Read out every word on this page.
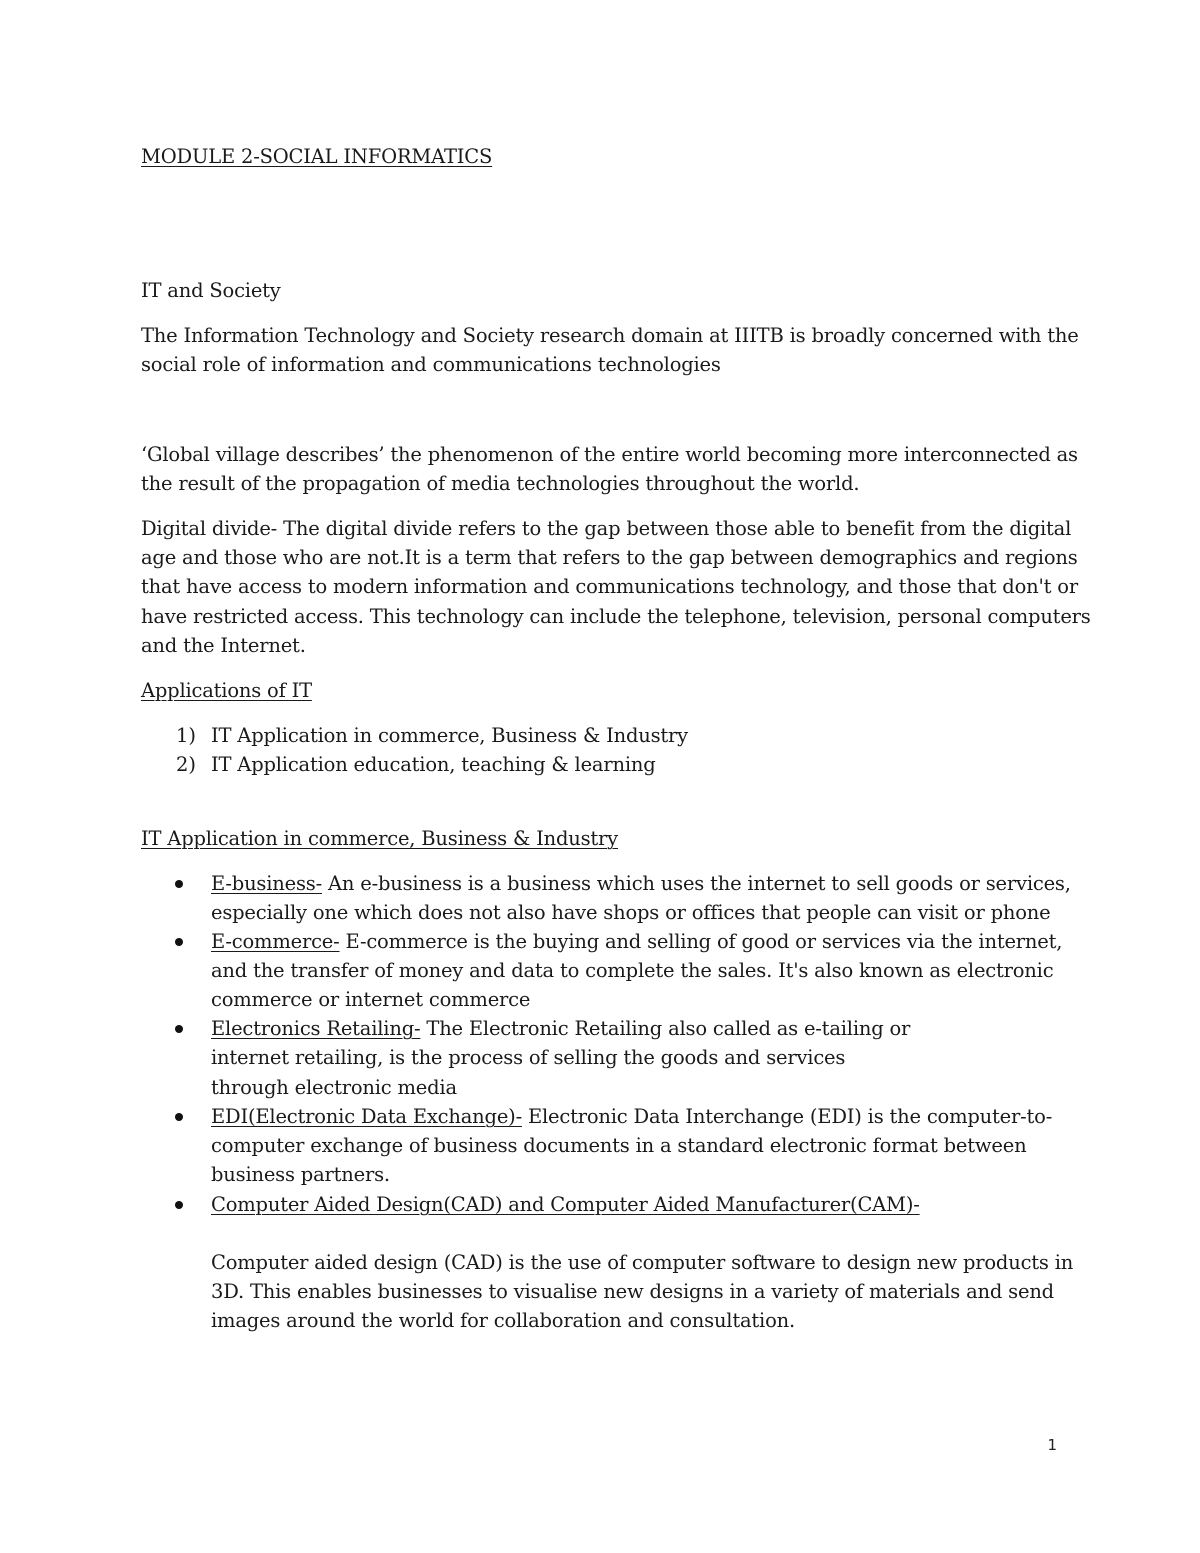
MODULE 2-SOCIAL INFORMATICS
IT and Society
The Information Technology and Society research domain at IIITB is broadly concerned with the
social role of information and communications technologies
‘Global village describes’ the phenomenon of the entire world becoming more interconnected as
the result of the propagation of media technologies throughout the world.
Digital divide- The digital divide refers to the gap between those able to benefit from the digital
age and those who are not.It is a term that refers to the gap between demographics and regions
that have access to modern information and communications technology, and those that don't or
have restricted access. This technology can include the telephone, television, personal computers
and the Internet.
Applications of IT
1) IT Application in commerce, Business & Industry
2) IT Application education, teaching & learning
IT Application in commerce, Business & Industry
E-business- An e-business is a business which uses the internet to sell goods or services,
especially one which does not also have shops or offices that people can visit or phone
E-commerce- E-commerce is the buying and selling of good or services via the internet,
and the transfer of money and data to complete the sales. It's also known as electronic
commerce or internet commerce
Electronics Retailing- The Electronic Retailing also called as e-tailing or
internet retailing, is the process of selling the goods and services
through electronic media
EDI(Electronic Data Exchange)- Electronic Data Interchange (EDI) is the computer-to-
computer exchange of business documents in a standard electronic format between
business partners.
Computer Aided Design(CAD) and Computer Aided Manufacturer(CAM)-
Computer aided design (CAD) is the use of computer software to design new products in
3D. This enables businesses to visualise new designs in a variety of materials and send
images around the world for collaboration and consultation.
1
